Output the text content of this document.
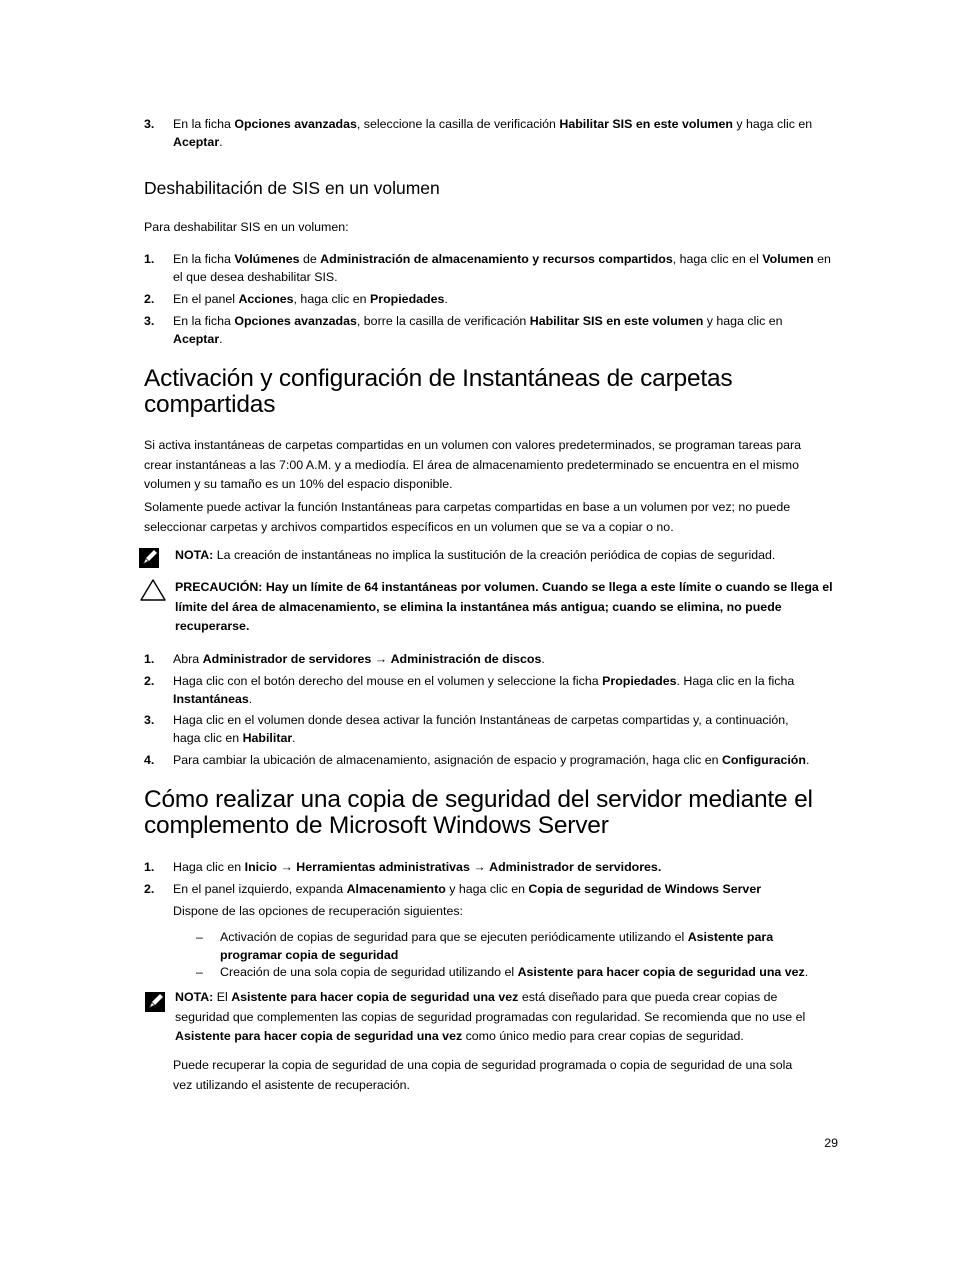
3.	En la ficha Opciones avanzadas, seleccione la casilla de verificación Habilitar SIS en este volumen y haga clic en
Aceptar.
Deshabilitación de SIS en un volumen
Para deshabilitar SIS en un volumen:
1.	En la ficha Volúmenes de Administración de almacenamiento y recursos compartidos, haga clic en el Volumen en
el que desea deshabilitar SIS.
2.	En el panel Acciones, haga clic en Propiedades.
3.	En la ficha Opciones avanzadas, borre la casilla de verificación Habilitar SIS en este volumen y haga clic en
Aceptar.
Activación y configuración de Instantáneas de carpetas
compartidas
Si activa instantáneas de carpetas compartidas en un volumen con valores predeterminados, se programan tareas para
crear instantáneas a las 7:00 A.M. y a mediodía. El área de almacenamiento predeterminado se encuentra en el mismo
volumen y su tamaño es un 10% del espacio disponible.
Solamente puede activar la función Instantáneas para carpetas compartidas en base a un volumen por vez; no puede
seleccionar carpetas y archivos compartidos específicos en un volumen que se va a copiar o no.
NOTA: La creación de instantáneas no implica la sustitución de la creación periódica de copias de seguridad.
PRECAUCIÓN: Hay un límite de 64 instantáneas por volumen. Cuando se llega a este límite o cuando se llega el
límite del área de almacenamiento, se elimina la instantánea más antigua; cuando se elimina, no puede
recuperarse.
1.	Abra Administrador de servidores → Administración de discos.
2.	Haga clic con el botón derecho del mouse en el volumen y seleccione la ficha Propiedades. Haga clic en la ficha
Instantáneas.
3.	Haga clic en el volumen donde desea activar la función Instantáneas de carpetas compartidas y, a continuación,
haga clic en Habilitar.
4.	Para cambiar la ubicación de almacenamiento, asignación de espacio y programación, haga clic en Configuración.
Cómo realizar una copia de seguridad del servidor mediante el
complemento de Microsoft Windows Server
1.	Haga clic en Inicio → Herramientas administrativas → Administrador de servidores.
2.	En el panel izquierdo, expanda Almacenamiento y haga clic en Copia de seguridad de Windows Server
Dispone de las opciones de recuperación siguientes:
– Activación de copias de seguridad para que se ejecuten periódicamente utilizando el Asistente para
programar copia de seguridad
– Creación de una sola copia de seguridad utilizando el Asistente para hacer copia de seguridad una vez.
NOTA: El Asistente para hacer copia de seguridad una vez está diseñado para que pueda crear copias de
seguridad que complementen las copias de seguridad programadas con regularidad. Se recomienda que no use el
Asistente para hacer copia de seguridad una vez como único medio para crear copias de seguridad.
Puede recuperar la copia de seguridad de una copia de seguridad programada o copia de seguridad de una sola
vez utilizando el asistente de recuperación.
29
